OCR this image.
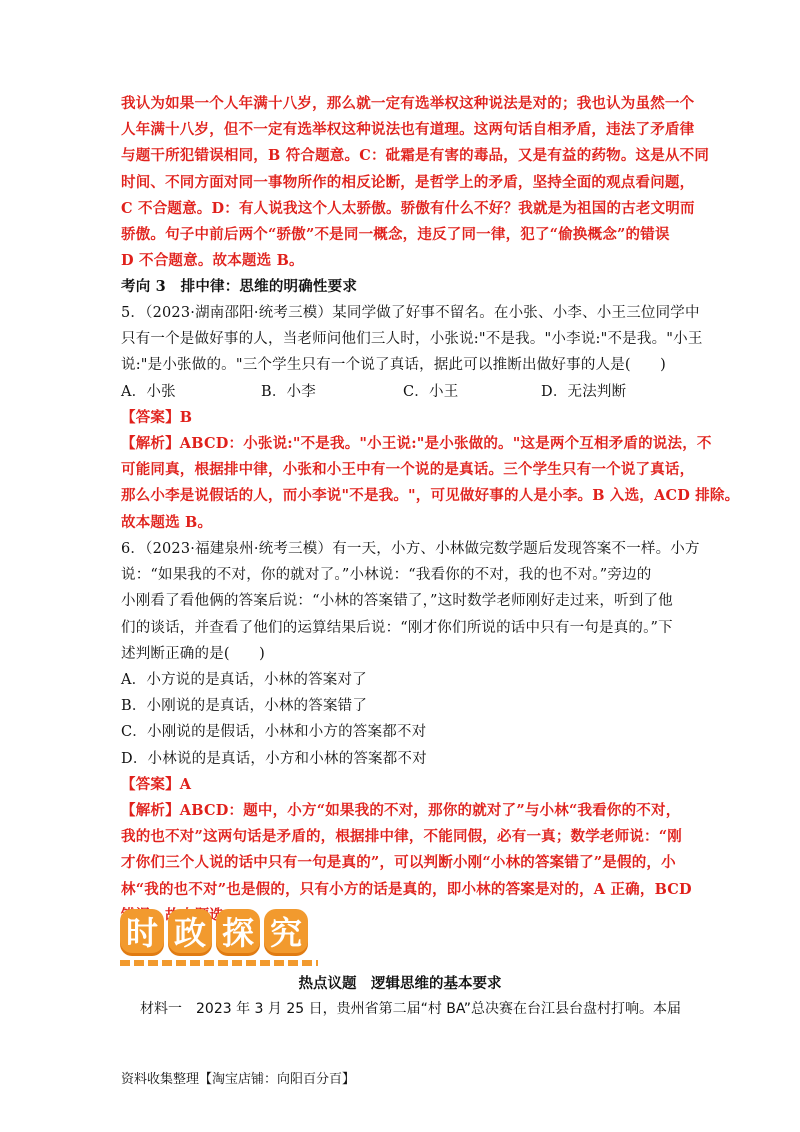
我认为如果一个人年满十八岁，那么就一定有选举权这种说法是对的；我也认为虽然一个
人年满十八岁，但不一定有选举权这种说法也有道理。这两句话自相矛盾，违法了矛盾律
与题干所犯错误相同，B 符合题意。C：砒霜是有害的毒品，又是有益的药物。这是从不同
时间、不同方面对同一事物所作的相反论断，是哲学上的矛盾，坚持全面的观点看问题，
C 不合题意。D：有人说我这个人太骄傲。骄傲有什么不好？我就是为祖国的古老文明而
骄傲。句子中前后两个“骄傲”不是同一概念，违反了同一律，犯了“偷换概念”的错误
D 不合题意。故本题选 B。
考向 3　排中律：思维的明确性要求
5．（2023·湖南邵阳·统考三模）某同学做了好事不留名。在小张、小李、小王三位同学中
只有一个是做好事的人，当老师问他们三人时，小张说:"不是我。"小李说:"不是我。"小王
说:"是小张做的。"三个学生只有一个说了真话，据此可以推断出做好事的人是(　　)
A．小张	B．小李	C．小王	D．无法判断
【答案】B
【解析】ABCD：小张说:"不是我。"小王说:"是小张做的。"这是两个互相矛盾的说法，不
可能同真，根据排中律，小张和小王中有一个说的是真话。三个学生只有一个说了真话，
那么小李是说假话的人，而小李说"不是我。"，可见做好事的人是小李。B 入选，ACD 排除。
故本题选 B。
6．（2023·福建泉州·统考三模）有一天，小方、小林做完数学题后发现答案不一样。小方
说：“如果我的不对，你的就对了。”小林说：“我看你的不对，我的也不对。”旁边的
小刚看了看他俩的答案后说：“小林的答案错了，”这时数学老师刚好走过来，听到了他
们的谈话，并查看了他们的运算结果后说：“刚才你们所说的话中只有一句是真的。”下
述判断正确的是(　　)
A．小方说的是真话，小林的答案对了
B．小刚说的是真话，小林的答案错了
C．小刚说的是假话，小林和小方的答案都不对
D．小林说的是真话，小方和小林的答案都不对
【答案】A
【解析】ABCD：题中，小方“如果我的不对，那你的就对了”与小林“我看你的不对，
我的也不对”这两句话是矛盾的，根据排中律，不能同假，必有一真；数学老师说：“刚
才你们三个人说的话中只有一句是真的”，可以判断小刚“小林的答案错了”是假的，小
林“我的也不对”也是假的，只有小方的话是真的，即小林的答案是对的，A 正确，BCD
时 政 探 究
热点议题　逻辑思维的基本要求
材料一　2023 年 3 月 25 日，贵州省第二届“村 BA”总决赛在台江县台盘村打响。本届
资料收集整理【淘宝店铺：向阳百分百】
